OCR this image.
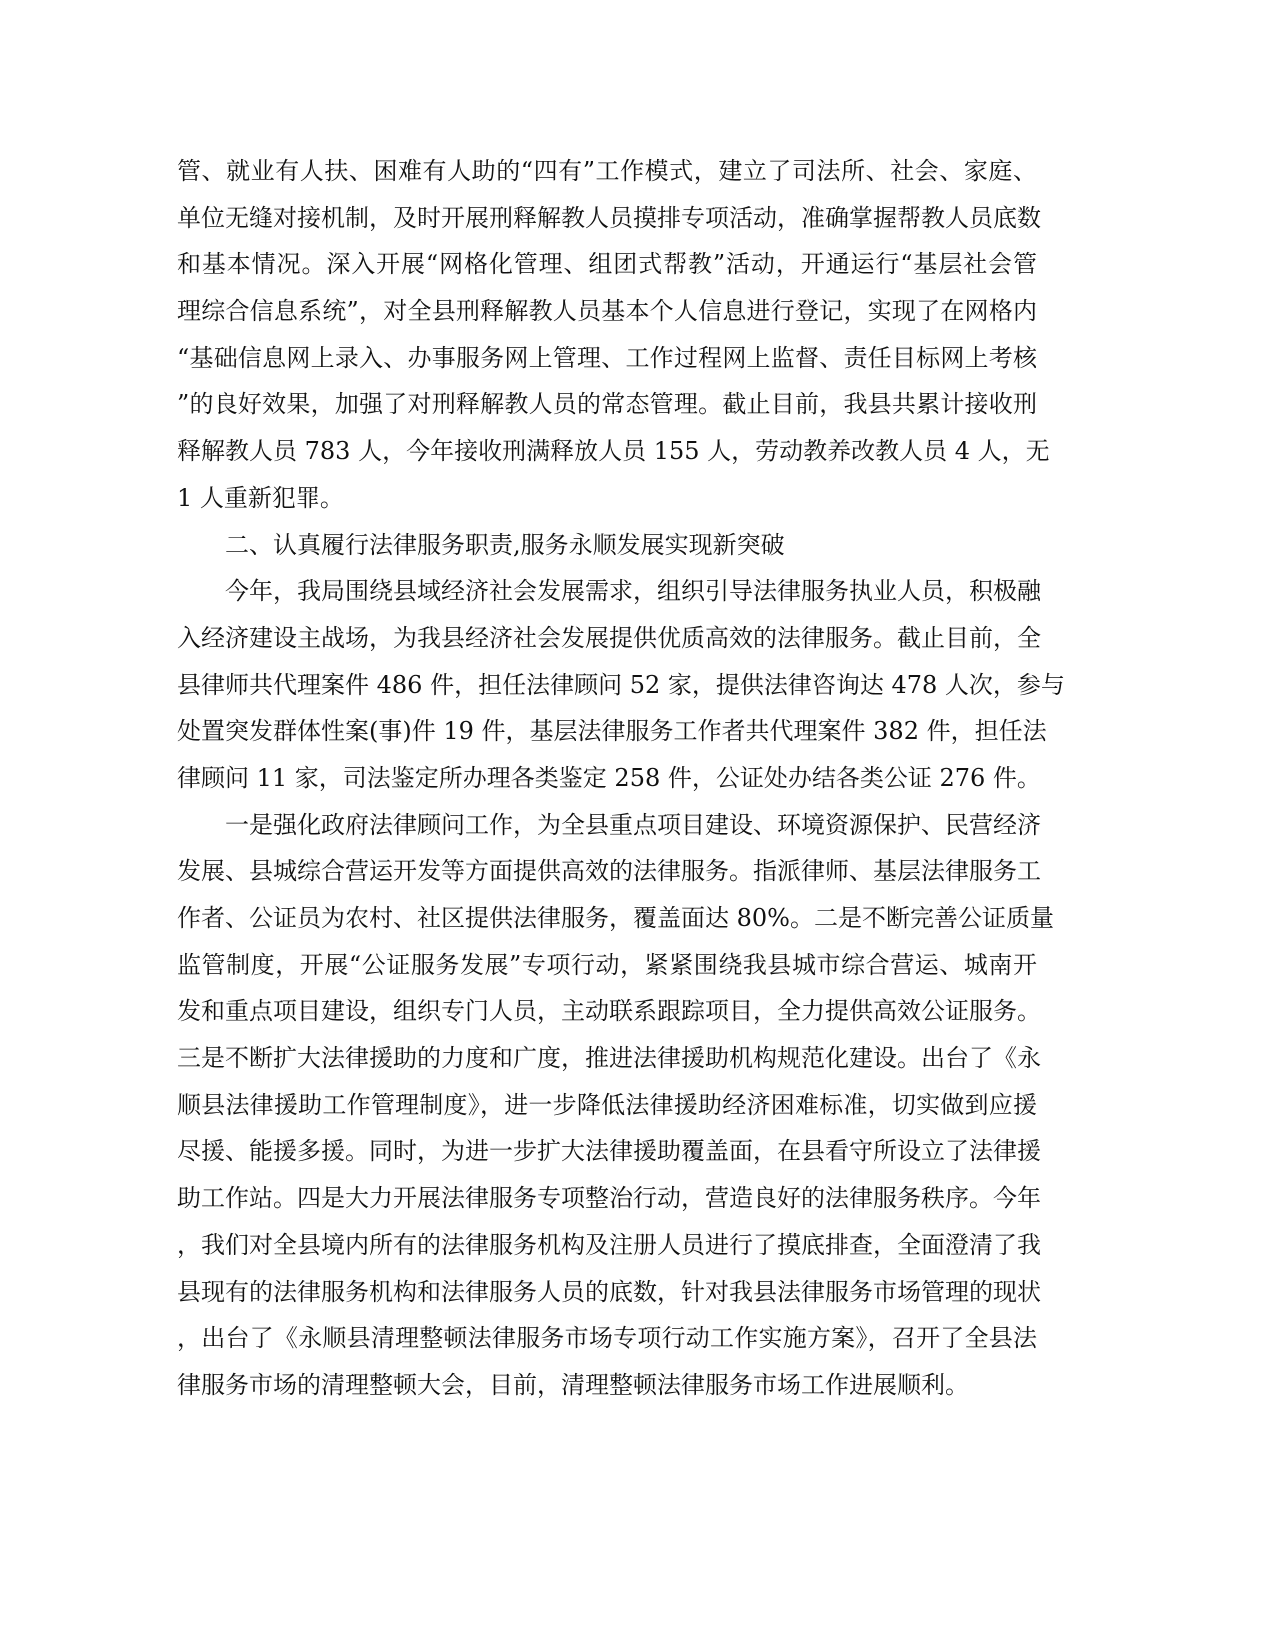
管、就业有人扶、困难有人助的“四有”工作模式，建立了司法所、社会、家庭、
单位无缝对接机制，及时开展刑释解教人员摸排专项活动，准确掌握帮教人员底数
和基本情况。深入开展“网格化管理、组团式帮教”活动，开通运行“基层社会管
理综合信息系统”，对全县刑释解教人员基本个人信息进行登记，实现了在网格内
“基础信息网上录入、办事服务网上管理、工作过程网上监督、责任目标网上考核
”的良好效果，加强了对刑释解教人员的常态管理。截止目前，我县共累计接收刑
释解教人员 783 人，今年接收刑满释放人员 155 人，劳动教养改教人员 4 人，无
1 人重新犯罪。
二、认真履行法律服务职责,服务永顺发展实现新突破
今年，我局围绕县域经济社会发展需求，组织引导法律服务执业人员，积极融
入经济建设主战场，为我县经济社会发展提供优质高效的法律服务。截止目前，全
县律师共代理案件 486 件，担任法律顾问 52 家，提供法律咨询达 478 人次，参与
处置突发群体性案(事)件 19 件，基层法律服务工作者共代理案件 382 件，担任法
律顾问 11 家，司法鉴定所办理各类鉴定 258 件，公证处办结各类公证 276 件。
一是强化政府法律顾问工作，为全县重点项目建设、环境资源保护、民营经济
发展、县城综合营运开发等方面提供高效的法律服务。指派律师、基层法律服务工
作者、公证员为农村、社区提供法律服务，覆盖面达 80%。二是不断完善公证质量
监管制度，开展“公证服务发展”专项行动，紧紧围绕我县城市综合营运、城南开
发和重点项目建设，组织专门人员，主动联系跟踪项目，全力提供高效公证服务。
三是不断扩大法律援助的力度和广度，推进法律援助机构规范化建设。出台了《永
顺县法律援助工作管理制度》，进一步降低法律援助经济困难标准，切实做到应援
尽援、能援多援。同时，为进一步扩大法律援助覆盖面，在县看守所设立了法律援
助工作站。四是大力开展法律服务专项整治行动，营造良好的法律服务秩序。今年
，我们对全县境内所有的法律服务机构及注册人员进行了摸底排查，全面澄清了我
县现有的法律服务机构和法律服务人员的底数，针对我县法律服务市场管理的现状
，出台了《永顺县清理整顿法律服务市场专项行动工作实施方案》，召开了全县法
律服务市场的清理整顿大会，目前，清理整顿法律服务市场工作进展顺利。
